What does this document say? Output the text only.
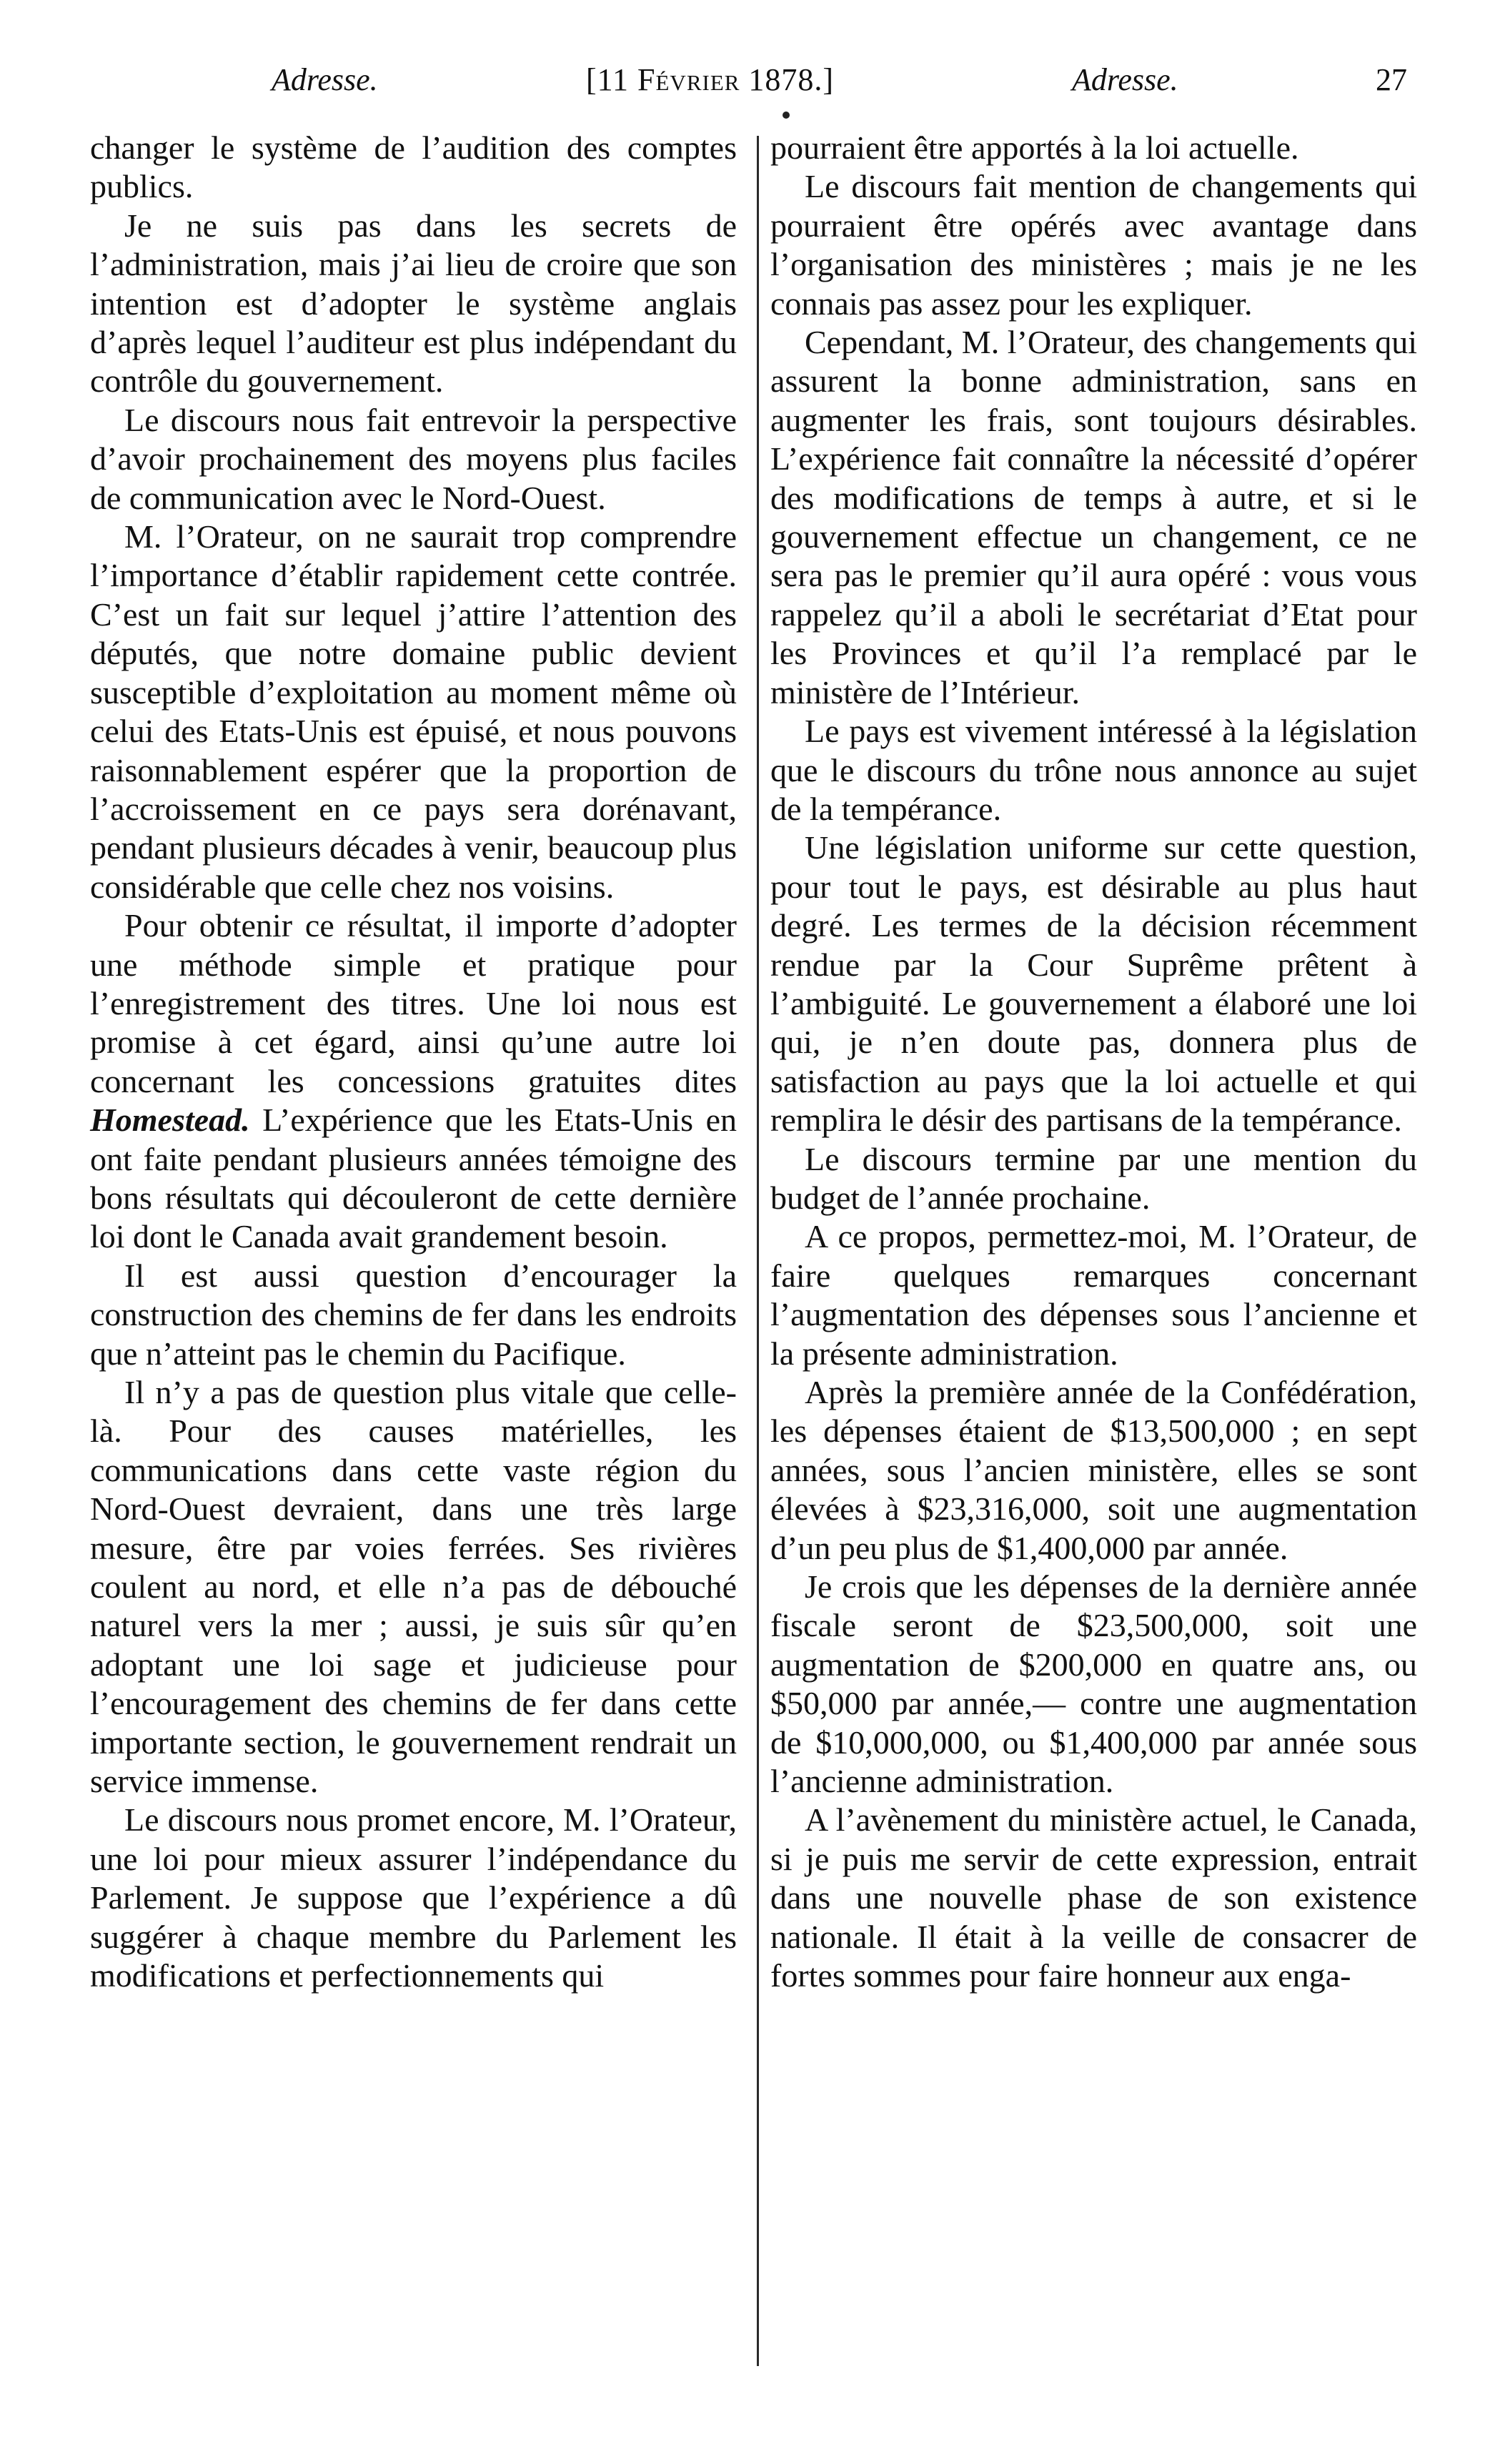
Adresse.	[11 Février 1878.]	Adresse.	27

changer le système de l’audition des comptes publics.

Je ne suis pas dans les secrets de l’administration, mais j’ai lieu de croire que son intention est d’adopter le système anglais d’après lequel l’auditeur est plus indépendant du contrôle du gouvernement.

Le discours nous fait entrevoir la perspective d’avoir prochainement des moyens plus faciles de communication avec le Nord-Ouest.

M. l’Orateur, on ne saurait trop comprendre l’importance d’établir rapidement cette contrée. C’est un fait sur lequel j’attire l’attention des députés, que notre domaine public devient susceptible d’exploitation au moment même où celui des Etats-Unis est épuisé, et nous pouvons raisonnablement espérer que la proportion de l’accroissement en ce pays sera dorénavant, pendant plusieurs décades à venir, beaucoup plus considérable que celle chez nos voisins.

Pour obtenir ce résultat, il importe d’adopter une méthode simple et pratique pour l’enregistrement des titres. Une loi nous est promise à cet égard, ainsi qu’une autre loi concernant les concessions gratuites dites Homestead. L’expérience que les Etats-Unis en ont faite pendant plusieurs années témoigne des bons résultats qui découleront de cette dernière loi dont le Canada avait grandement besoin.

Il est aussi question d’encourager la construction des chemins de fer dans les endroits que n’atteint pas le chemin du Pacifique.

Il n’y a pas de question plus vitale que celle-là. Pour des causes matérielles, les communications dans cette vaste région du Nord-Ouest devraient, dans une très large mesure, être par voies ferrées. Ses rivières coulent au nord, et elle n’a pas de débouché naturel vers la mer ; aussi, je suis sûr qu’en adoptant une loi sage et judicieuse pour l’encouragement des chemins de fer dans cette importante section, le gouvernement rendrait un service immense.

Le discours nous promet encore, M. l’Orateur, une loi pour mieux assurer l’indépendance du Parlement. Je suppose que l’expérience a dû suggérer à chaque membre du Parlement les modifications et perfectionnements qui

pourraient être apportés à la loi actuelle.

Le discours fait mention de changements qui pourraient être opérés avec avantage dans l’organisation des ministères ; mais je ne les connais pas assez pour les expliquer.

Cependant, M. l’Orateur, des changements qui assurent la bonne administration, sans en augmenter les frais, sont toujours désirables. L’expérience fait connaître la nécessité d’opérer des modifications de temps à autre, et si le gouvernement effectue un changement, ce ne sera pas le premier qu’il aura opéré : vous vous rappelez qu’il a aboli le secrétariat d’Etat pour les Provinces et qu’il l’a remplacé par le ministère de l’Intérieur.

Le pays est vivement intéressé à la législation que le discours du trône nous annonce au sujet de la tempérance.

Une législation uniforme sur cette question, pour tout le pays, est désirable au plus haut degré. Les termes de la décision récemment rendue par la Cour Suprême prêtent à l’ambiguité. Le gouvernement a élaboré une loi qui, je n’en doute pas, donnera plus de satisfaction au pays que la loi actuelle et qui remplira le désir des partisans de la tempérance.

Le discours termine par une mention du budget de l’année prochaine.

A ce propos, permettez-moi, M. l’Orateur, de faire quelques remarques concernant l’augmentation des dépenses sous l’ancienne et la présente administration.

Après la première année de la Confédération, les dépenses étaient de $13,500,000 ; en sept années, sous l’ancien ministère, elles se sont élevées à $23,316,000, soit une augmentation d’un peu plus de $1,400,000 par année.

Je crois que les dépenses de la dernière année fiscale seront de $23,500,000, soit une augmentation de $200,000 en quatre ans, ou $50,000 par année,— contre une augmentation de $10,000,000, ou $1,400,000 par année sous l’ancienne administration.

A l’avènement du ministère actuel, le Canada, si je puis me servir de cette expression, entrait dans une nouvelle phase de son existence nationale. Il était à la veille de consacrer de fortes sommes pour faire honneur aux enga-
